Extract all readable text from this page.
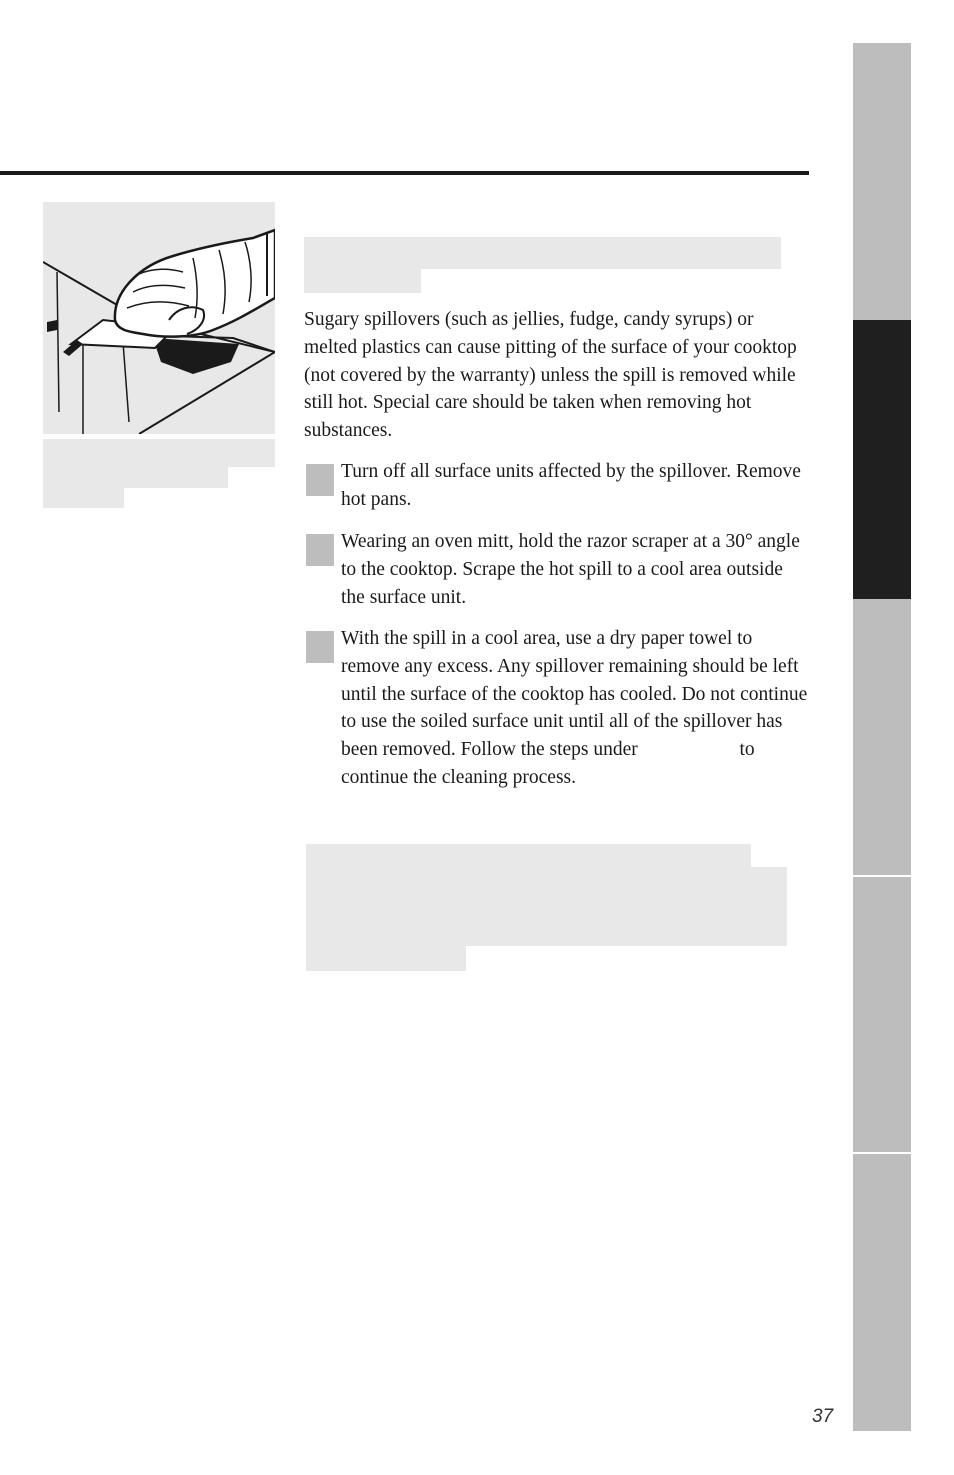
Sugary spillovers (such as jellies, fudge, candy syrups) or melted plastics can cause pitting of the surface of your cooktop (not covered by the warranty) unless the spill is removed while still hot. Special care should be taken when removing hot substances.

Turn off all surface units affected by the spillover. Remove hot pans.

Wearing an oven mitt, hold the razor scraper at a 30° angle to the cooktop. Scrape the hot spill to a cool area outside the surface unit.

With the spill in a cool area, use a dry paper towel to remove any excess. Any spillover remaining should be left until the surface of the cooktop has cooled. Do not continue to use the soiled surface unit until all of the spillover has been removed. Follow the steps under	to continue the cleaning process.

37
